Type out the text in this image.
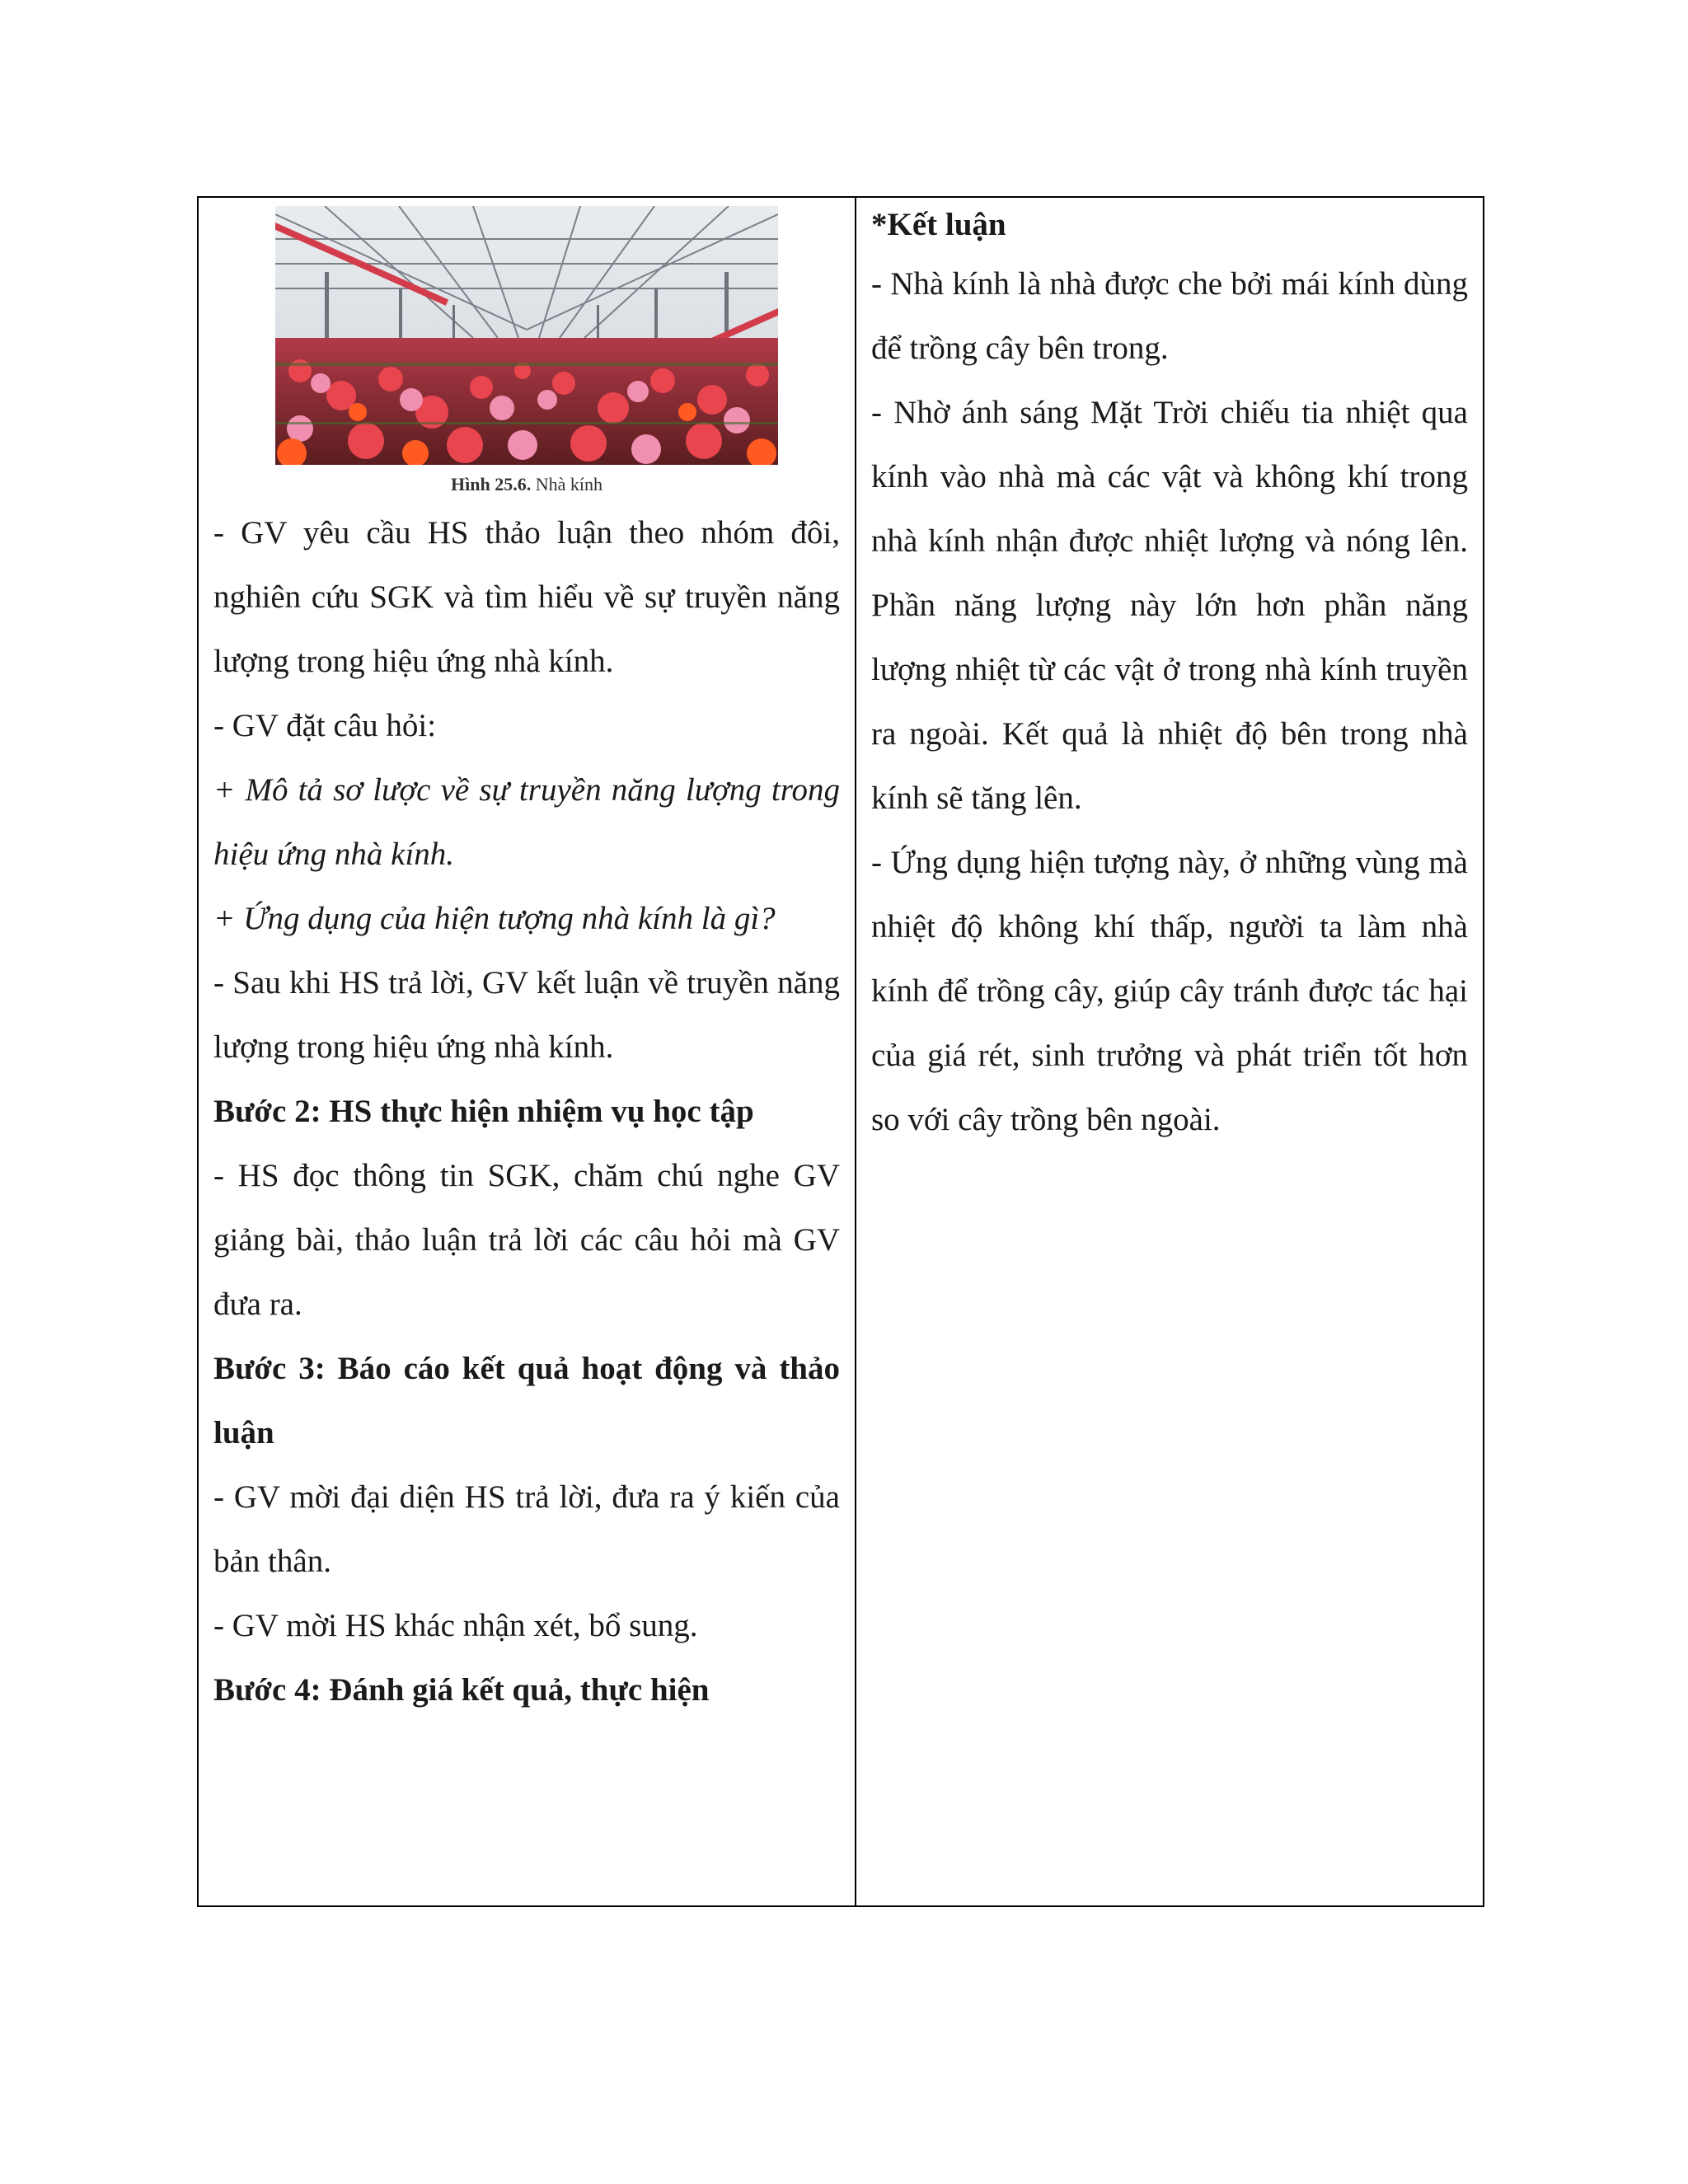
Hình 25.6. Nhà kính

- GV yêu cầu HS thảo luận theo nhóm đôi, nghiên cứu SGK và tìm hiểu về sự truyền năng lượng trong hiệu ứng nhà kính.

- GV đặt câu hỏi:

+ Mô tả sơ lược về sự truyền năng lượng trong hiệu ứng nhà kính.

+ Ứng dụng của hiện tượng nhà kính là gì?

- Sau khi HS trả lời, GV kết luận về truyền năng lượng trong hiệu ứng nhà kính.

Bước 2: HS thực hiện nhiệm vụ học tập

- HS đọc thông tin SGK, chăm chú nghe GV giảng bài, thảo luận trả lời các câu hỏi mà GV đưa ra.

Bước 3: Báo cáo kết quả hoạt động và thảo luận

- GV mời đại diện HS trả lời, đưa ra ý kiến của bản thân.

- GV mời HS khác nhận xét, bổ sung.

Bước 4: Đánh giá kết quả, thực hiện

*Kết luận

- Nhà kính là nhà được che bởi mái kính dùng để trồng cây bên trong.

- Nhờ ánh sáng Mặt Trời chiếu tia nhiệt qua kính vào nhà mà các vật và không khí trong nhà kính nhận được nhiệt lượng và nóng lên. Phần năng lượng này lớn hơn phần năng lượng nhiệt từ các vật ở trong nhà kính truyền ra ngoài. Kết quả là nhiệt độ bên trong nhà kính sẽ tăng lên.

- Ứng dụng hiện tượng này, ở những vùng mà nhiệt độ không khí thấp, người ta làm nhà kính để trồng cây, giúp cây tránh được tác hại của giá rét, sinh trưởng và phát triển tốt hơn so với cây trồng bên ngoài.
